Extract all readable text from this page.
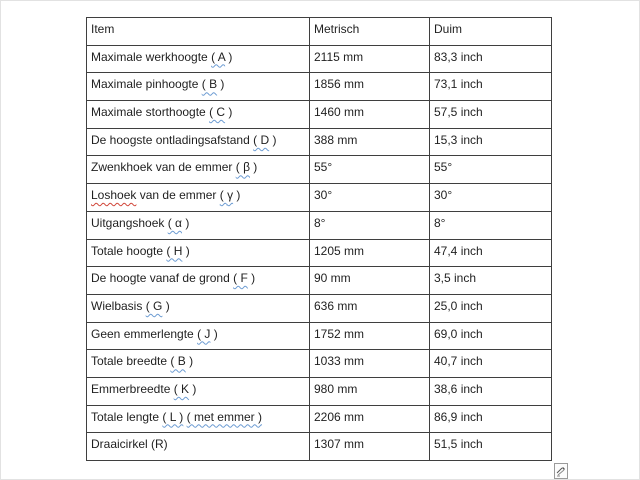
Item	Metrisch	Duim
Maximale werkhoogte ( A )	2115 mm	83,3 inch
Maximale pinhoogte ( B )	1856 mm	73,1 inch
Maximale storthoogte ( C )	1460 mm	57,5 inch
De hoogste ontladingsafstand ( D )	388 mm	15,3 inch
Zwenkhoek van de emmer ( β )	55°	55°
Loshoek van de emmer ( γ )	30°	30°
Uitgangshoek ( α )	8°	8°
Totale hoogte ( H )	1205 mm	47,4 inch
De hoogte vanaf de grond ( F )	90 mm	3,5 inch
Wielbasis ( G )	636 mm	25,0 inch
Geen emmerlengte ( J )	1752 mm	69,0 inch
Totale breedte ( B )	1033 mm	40,7 inch
Emmerbreedte ( K )	980 mm	38,6 inch
Totale lengte ( L ) ( met emmer )	2206 mm	86,9 inch
Draaicirkel (R)	1307 mm	51,5 inch
